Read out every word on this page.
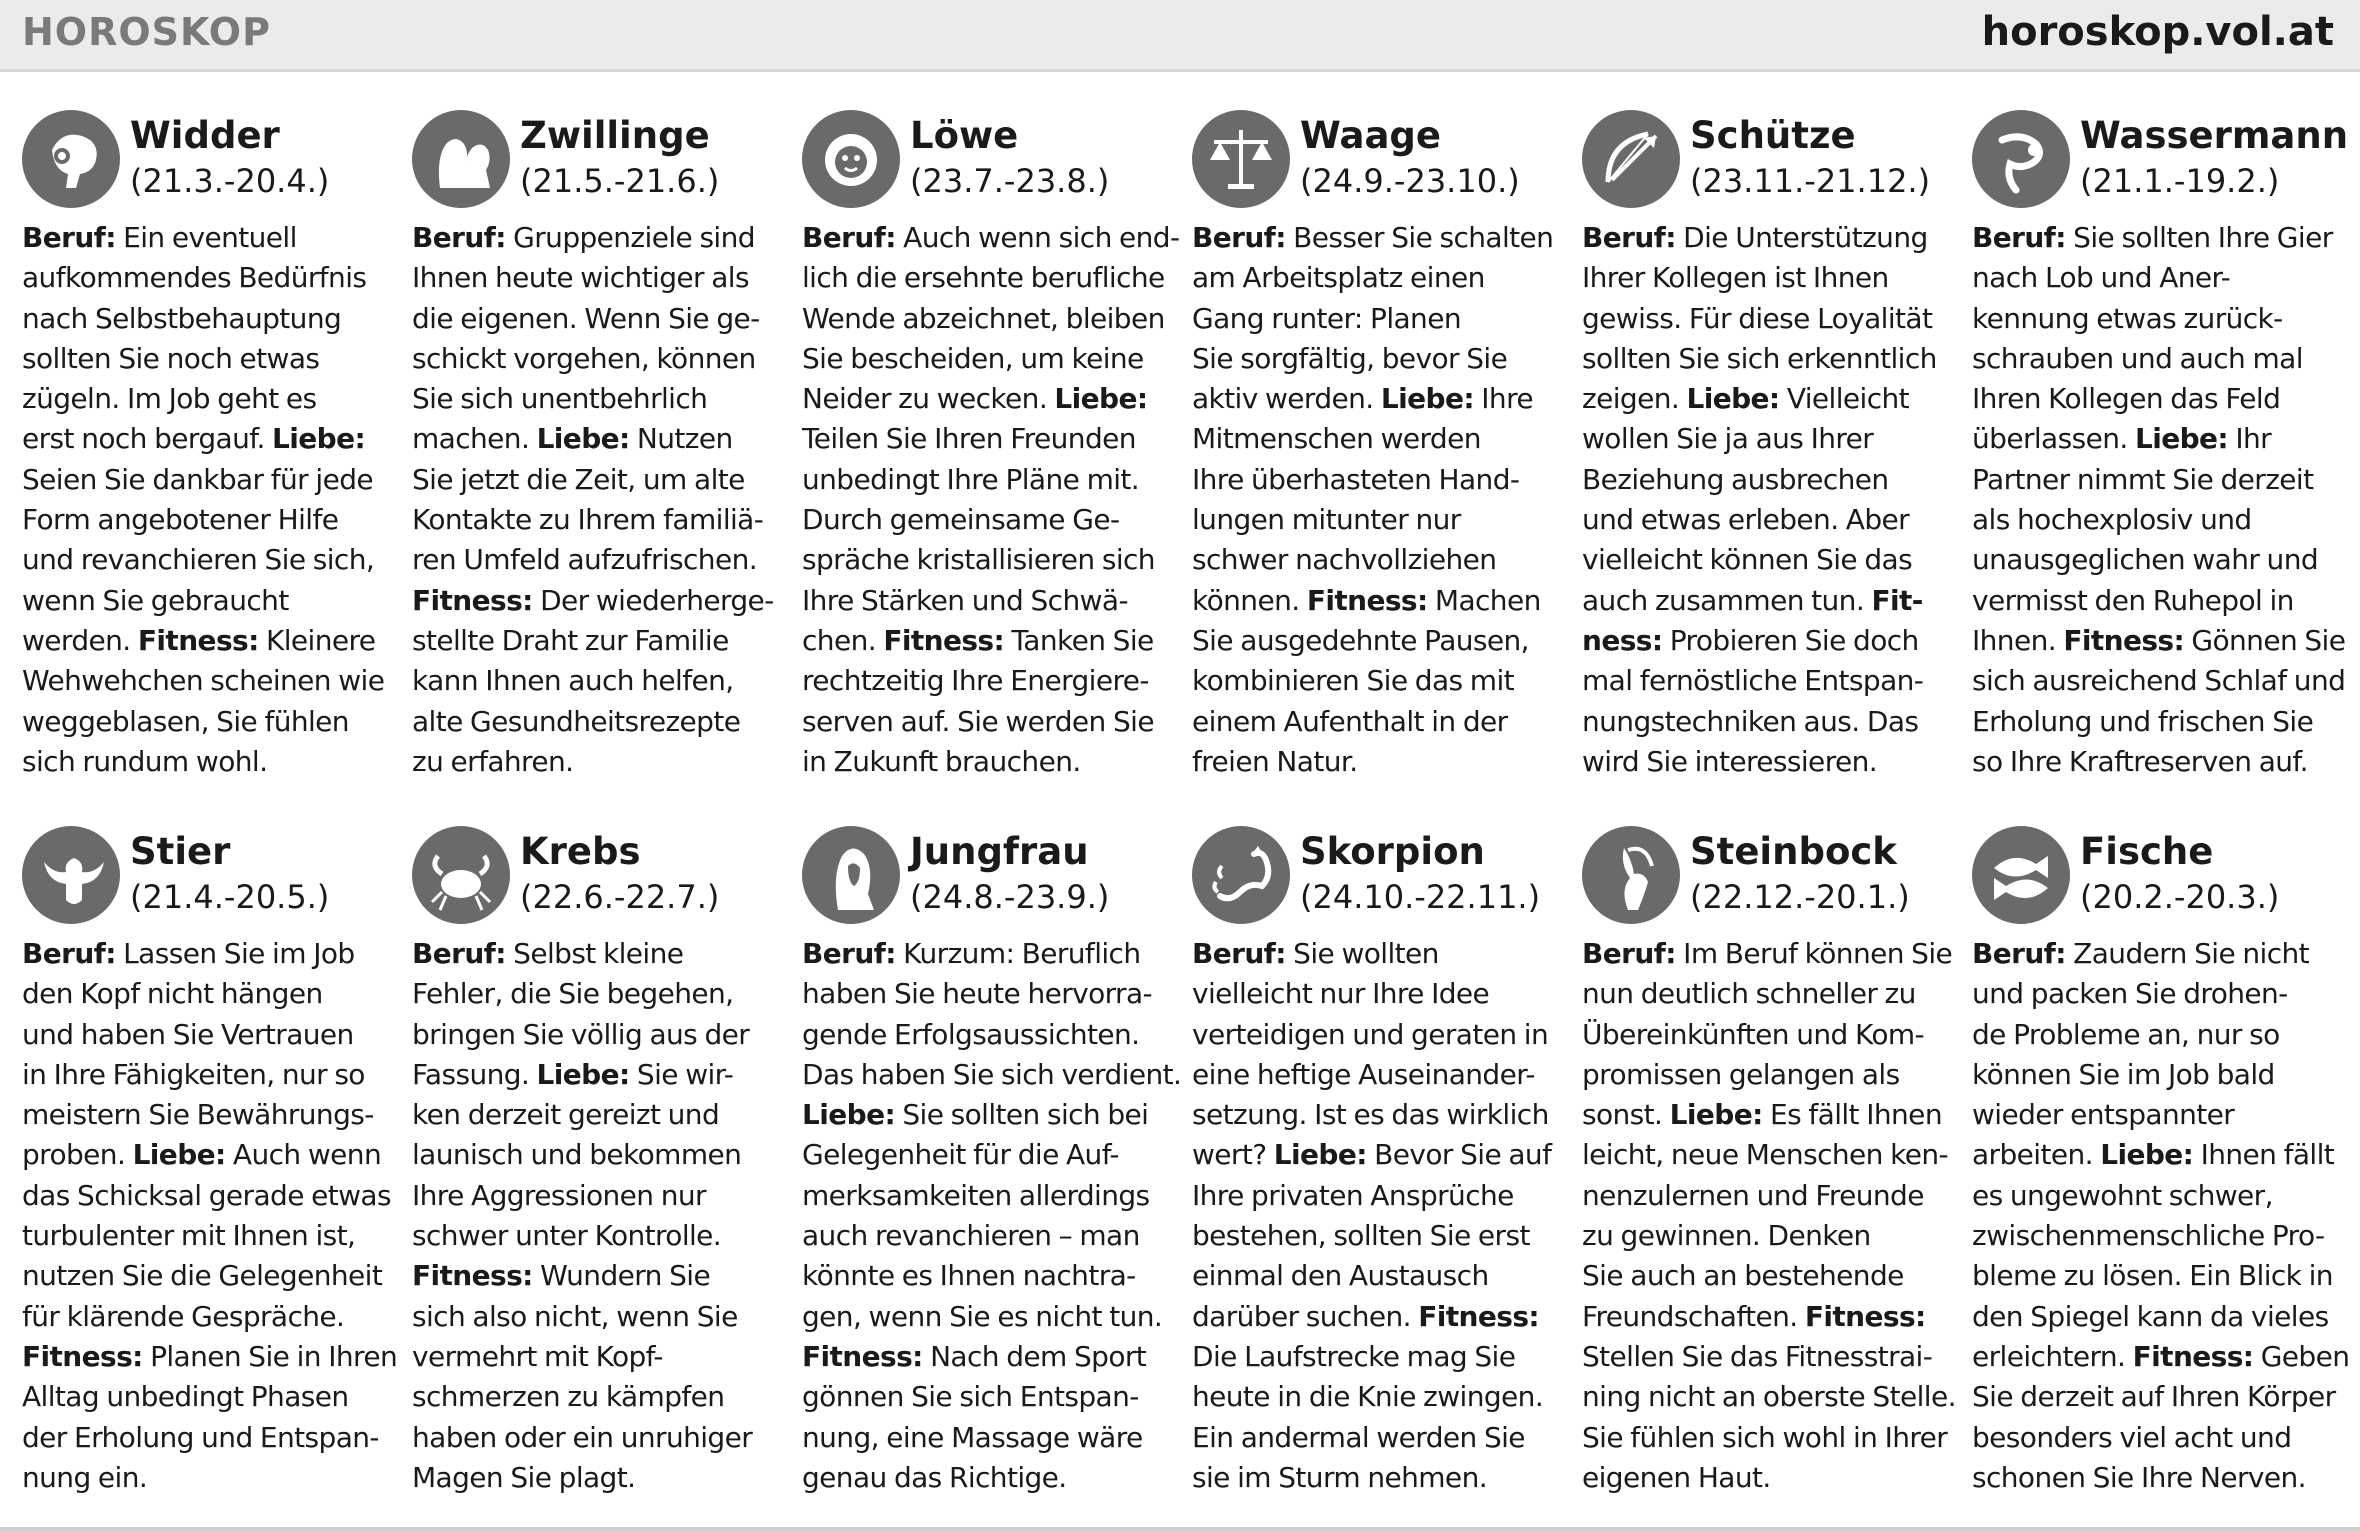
HOROSKOP	horoskop.vol.at
Widder
(21.3.-20.4.)
Beruf: Ein eventuell
aufkommendes Bedürfnis
nach Selbstbehauptung
sollten Sie noch etwas
zügeln. Im Job geht es
erst noch bergauf. Liebe:
Seien Sie dankbar für jede
Form angebotener Hilfe
und revanchieren Sie sich,
wenn Sie gebraucht
werden. Fitness: Kleinere
Wehwehchen scheinen wie
weggeblasen, Sie fühlen
sich rundum wohl.
Zwillinge
(21.5.-21.6.)
Beruf: Gruppenziele sind
Ihnen heute wichtiger als
die eigenen. Wenn Sie ge-
schickt vorgehen, können
Sie sich unentbehrlich
machen. Liebe: Nutzen
Sie jetzt die Zeit, um alte
Kontakte zu Ihrem familiä-
ren Umfeld aufzufrischen.
Fitness: Der wiederherge-
stellte Draht zur Familie
kann Ihnen auch helfen,
alte Gesundheitsrezepte
zu erfahren.
Löwe
(23.7.-23.8.)
Beruf: Auch wenn sich end-
lich die ersehnte berufliche
Wende abzeichnet, bleiben
Sie bescheiden, um keine
Neider zu wecken. Liebe:
Teilen Sie Ihren Freunden
unbedingt Ihre Pläne mit.
Durch gemeinsame Ge-
spräche kristallisieren sich
Ihre Stärken und Schwä-
chen. Fitness: Tanken Sie
rechtzeitig Ihre Energiere-
serven auf. Sie werden Sie
in Zukunft brauchen.
Waage
(24.9.-23.10.)
Beruf: Besser Sie schalten
am Arbeitsplatz einen
Gang runter: Planen
Sie sorgfältig, bevor Sie
aktiv werden. Liebe: Ihre
Mitmenschen werden
Ihre überhasteten Hand-
lungen mitunter nur
schwer nachvollziehen
können. Fitness: Machen
Sie ausgedehnte Pausen,
kombinieren Sie das mit
einem Aufenthalt in der
freien Natur.
Schütze
(23.11.-21.12.)
Beruf: Die Unterstützung
Ihrer Kollegen ist Ihnen
gewiss. Für diese Loyalität
sollten Sie sich erkenntlich
zeigen. Liebe: Vielleicht
wollen Sie ja aus Ihrer
Beziehung ausbrechen
und etwas erleben. Aber
vielleicht können Sie das
auch zusammen tun. Fit-
ness: Probieren Sie doch
mal fernöstliche Entspan-
nungstechniken aus. Das
wird Sie interessieren.
Wassermann
(21.1.-19.2.)
Beruf: Sie sollten Ihre Gier
nach Lob und Aner-
kennung etwas zurück-
schrauben und auch mal
Ihren Kollegen das Feld
überlassen. Liebe: Ihr
Partner nimmt Sie derzeit
als hochexplosiv und
unausgeglichen wahr und
vermisst den Ruhepol in
Ihnen. Fitness: Gönnen Sie
sich ausreichend Schlaf und
Erholung und frischen Sie
so Ihre Kraftreserven auf.
Stier
(21.4.-20.5.)
Beruf: Lassen Sie im Job
den Kopf nicht hängen
und haben Sie Vertrauen
in Ihre Fähigkeiten, nur so
meistern Sie Bewährungs-
proben. Liebe: Auch wenn
das Schicksal gerade etwas
turbulenter mit Ihnen ist,
nutzen Sie die Gelegenheit
für klärende Gespräche.
Fitness: Planen Sie in Ihren
Alltag unbedingt Phasen
der Erholung und Entspan-
nung ein.
Krebs
(22.6.-22.7.)
Beruf: Selbst kleine
Fehler, die Sie begehen,
bringen Sie völlig aus der
Fassung. Liebe: Sie wir-
ken derzeit gereizt und
launisch und bekommen
Ihre Aggressionen nur
schwer unter Kontrolle.
Fitness: Wundern Sie
sich also nicht, wenn Sie
vermehrt mit Kopf-
schmerzen zu kämpfen
haben oder ein unruhiger
Magen Sie plagt.
Jungfrau
(24.8.-23.9.)
Beruf: Kurzum: Beruflich
haben Sie heute hervorra-
gende Erfolgsaussichten.
Das haben Sie sich verdient.
Liebe: Sie sollten sich bei
Gelegenheit für die Auf-
merksamkeiten allerdings
auch revanchieren – man
könnte es Ihnen nachtra-
gen, wenn Sie es nicht tun.
Fitness: Nach dem Sport
gönnen Sie sich Entspan-
nung, eine Massage wäre
genau das Richtige.
Skorpion
(24.10.-22.11.)
Beruf: Sie wollten
vielleicht nur Ihre Idee
verteidigen und geraten in
eine heftige Auseinander-
setzung. Ist es das wirklich
wert? Liebe: Bevor Sie auf
Ihre privaten Ansprüche
bestehen, sollten Sie erst
einmal den Austausch
darüber suchen. Fitness:
Die Laufstrecke mag Sie
heute in die Knie zwingen.
Ein andermal werden Sie
sie im Sturm nehmen.
Steinbock
(22.12.-20.1.)
Beruf: Im Beruf können Sie
nun deutlich schneller zu
Übereinkünften und Kom-
promissen gelangen als
sonst. Liebe: Es fällt Ihnen
leicht, neue Menschen ken-
nenzulernen und Freunde
zu gewinnen. Denken
Sie auch an bestehende
Freundschaften. Fitness:
Stellen Sie das Fitnesstrai-
ning nicht an oberste Stelle.
Sie fühlen sich wohl in Ihrer
eigenen Haut.
Fische
(20.2.-20.3.)
Beruf: Zaudern Sie nicht
und packen Sie drohen-
de Probleme an, nur so
können Sie im Job bald
wieder entspannter
arbeiten. Liebe: Ihnen fällt
es ungewohnt schwer,
zwischenmenschliche Pro-
bleme zu lösen. Ein Blick in
den Spiegel kann da vieles
erleichtern. Fitness: Geben
Sie derzeit auf Ihren Körper
besonders viel acht und
schonen Sie Ihre Nerven.
